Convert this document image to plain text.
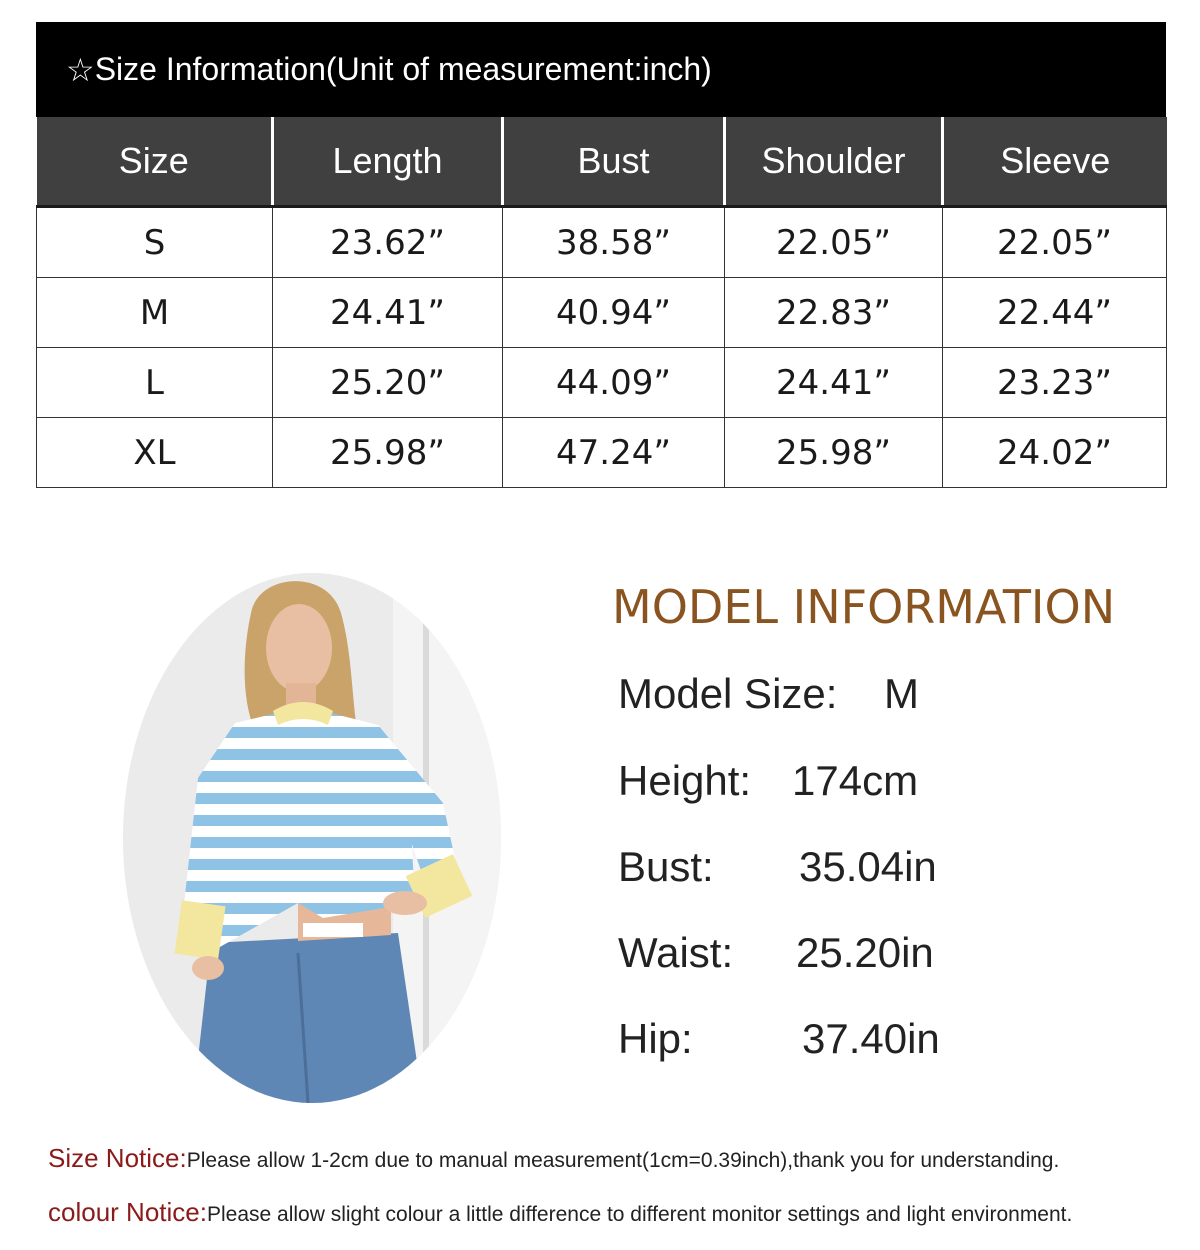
☆ Size Information(Unit of measurement:inch)
Size	Length	Bust	Shoulder	Sleeve
S	23.62”	38.58”	22.05”	22.05”
M	24.41”	40.94”	22.83”	22.44”
L	25.20”	44.09”	24.41”	23.23”
XL	25.98”	47.24”	25.98”	24.02”
MODEL INFORMATION
Model Size: M
Height: 174cm
Bust: 35.04in
Waist: 25.20in
Hip:	37.40in
Size Notice:Please allow 1-2cm due to manual measurement(1cm=0.39inch),thank you for understanding.
colour Notice:Please allow slight colour a little difference to different monitor settings and light environment.
